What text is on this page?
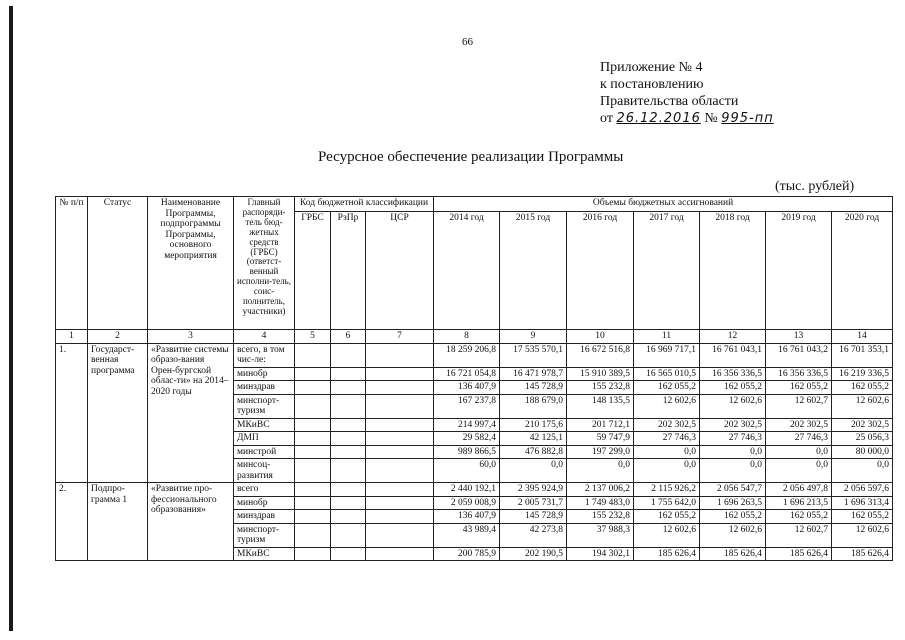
66
Приложение № 4
к постановлению
Правительства области
от 26.12.2016 № 995-пп
Ресурсное обеспечение реализации Программы
(тыс. рублей)
№ п/п	Статус	Наименование Программы, подпрограммы Программы, основного мероприятия	Главный распоряди-тель бюд-жетных средств (ГРБС) (ответст-венный исполни-тель, соис-полнитель, участники)	Код бюджетной классификации			Объемы бюджетных ассигнований						
				ГРБС	РзПр	ЦСР	2014 год	2015 год	2016 год	2017 год	2018 год	2019 год	2020 год
1	2	3	4	5	6	7	8	9	10	11	12	13	14
1.	Государст-венная программа	«Развитие системы образо-вания Орен-бургской облас-ти» на 2014–2020 годы	всего, в том чис-ле:				18 259 206,8	17 535 570,1	16 672 516,8	16 969 717,1	16 761 043,1	16 761 043,2	16 701 353,1
			минобр				16 721 054,8	16 471 978,7	15 910 389,5	16 565 010,5	16 356 336,5	16 356 336,5	16 219 336,5
			минздрав				136 407,9	145 728,9	155 232,8	162 055,2	162 055,2	162 055,2	162 055,2
			минспорт-туризм				167 237,8	188 679,0	148 135,5	12 602,6	12 602,6	12 602,7	12 602,6
			МКиВС				214 997,4	210 175,6	201 712,1	202 302,5	202 302,5	202 302,5	202 302,5
			ДМП				29 582,4	42 125,1	59 747,9	27 746,3	27 746,3	27 746,3	25 056,3
			минстрой				989 866,5	476 882,8	197 299,0	0,0	0,0	0,0	80 000,0
			минсоц-развития				60,0	0,0	0,0	0,0	0,0	0,0	0,0
2.	Подпро-грамма 1	«Развитие про-фессионального образования»	всего				2 440 192,1	2 395 924,9	2 137 006,2	2 115 926,2	2 056 547,7	2 056 497,8	2 056 597,6
			минобр				2 059 008,9	2 005 731,7	1 749 483,0	1 755 642,0	1 696 263,5	1 696 213,5	1 696 313,4
			минздрав				136 407,9	145 728,9	155 232,8	162 055,2	162 055,2	162 055,2	162 055,2
			минспорт-туризм				43 989,4	42 273,8	37 988,3	12 602,6	12 602,6	12 602,7	12 602,6
			МКиВС				200 785,9	202 190,5	194 302,1	185 626,4	185 626,4	185 626,4	185 626,4
